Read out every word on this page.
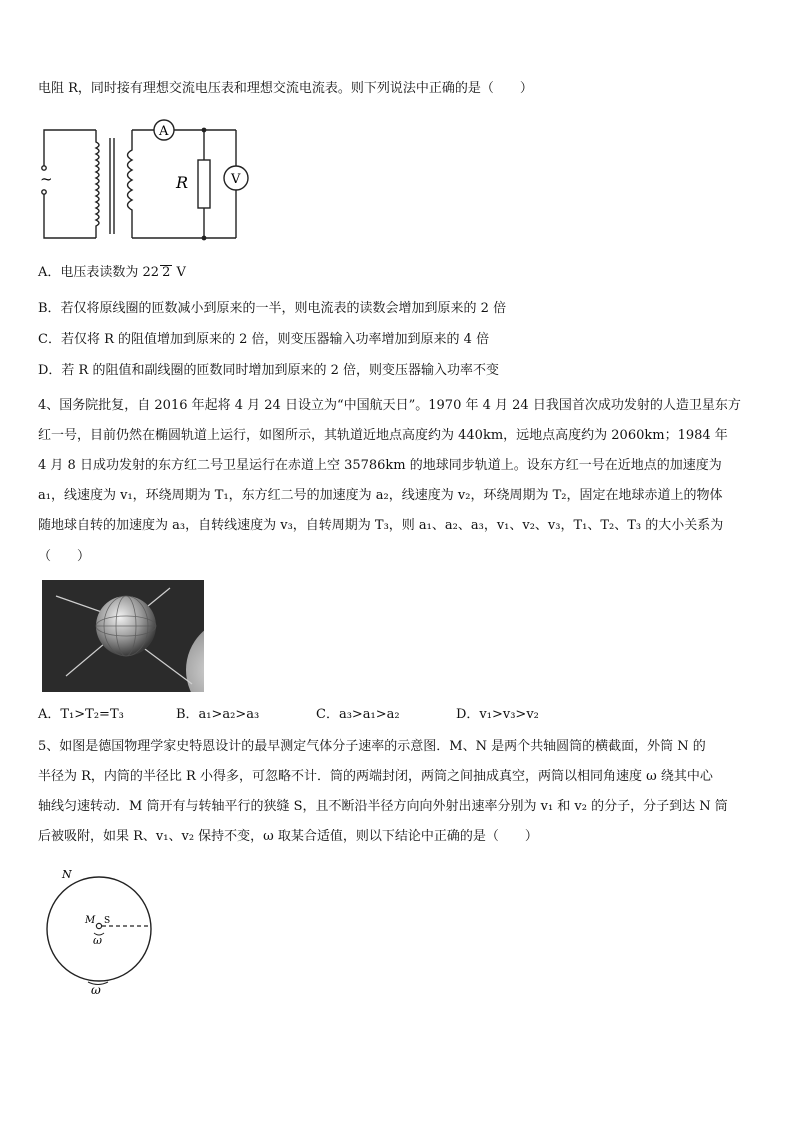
电阻 R，同时接有理想交流电压表和理想交流电流表。则下列说法中正确的是（　　）
~
A
R	V
A．电压表读数为 22 2 V
B．若仅将原线圈的匝数减小到原来的一半，则电流表的读数会增加到原来的 2 倍
C．若仅将 R 的阻值增加到原来的 2 倍，则变压器输入功率增加到原来的 4 倍
D．若 R 的阻值和副线圈的匝数同时增加到原来的 2 倍，则变压器输入功率不变
4、国务院批复，自 2016 年起将 4 月 24 日设立为“中国航天日”。1970 年 4 月 24 日我国首次成功发射的人造卫星东方
红一号，目前仍然在椭圆轨道上运行，如图所示，其轨道近地点高度约为 440km，远地点高度约为 2060km；1984 年
4 月 8 日成功发射的东方红二号卫星运行在赤道上空 35786km 的地球同步轨道上。设东方红一号在近地点的加速度为
a₁，线速度为 v₁，环绕周期为 T₁，东方红二号的加速度为 a₂，线速度为 v₂，环绕周期为 T₂，固定在地球赤道上的物体
随地球自转的加速度为 a₃，自转线速度为 v₃，自转周期为 T₃，则 a₁、a₂、a₃，v₁、v₂、v₃，T₁、T₂、T₃ 的大小关系为
（　　）
A．T₁>T₂=T₃	B．a₁>a₂>a₃	C．a₃>a₁>a₂	D．v₁>v₃>v₂
5、如图是德国物理学家史特恩设计的最早测定气体分子速率的示意图．M、N 是两个共轴圆筒的横截面，外筒 N 的
半径为 R，内筒的半径比 R 小得多，可忽略不计．筒的两端封闭，两筒之间抽成真空，两筒以相同角速度 ω 绕其中心
轴线匀速转动．M 筒开有与转轴平行的狭缝 S，且不断沿半径方向向外射出速率分别为 v₁ 和 v₂ 的分子，分子到达 N 筒
后被吸附，如果 R、v₁、v₂ 保持不变，ω 取某合适值，则以下结论中正确的是（　　）
N
M S
ω
ω
